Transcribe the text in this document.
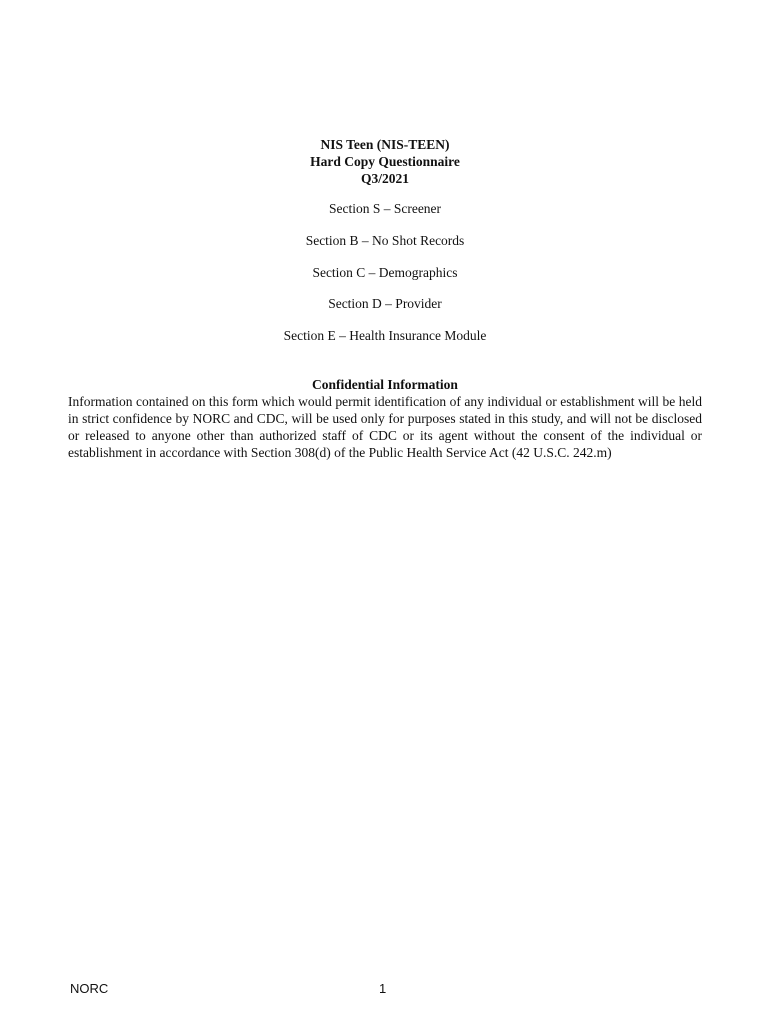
NIS Teen (NIS-TEEN)
Hard Copy Questionnaire
Q3/2021
Section S – Screener
Section B – No Shot Records
Section C – Demographics
Section D – Provider
Section E – Health Insurance Module
Confidential Information
Information contained on this form which would permit identification of any individual or establishment will be held in strict confidence by NORC and CDC, will be used only for purposes stated in this study, and will not be disclosed or released to anyone other than authorized staff of CDC or its agent without the consent of the individual or establishment in accordance with Section 308(d) of the Public Health Service Act (42 U.S.C. 242.m)
NORC	1
